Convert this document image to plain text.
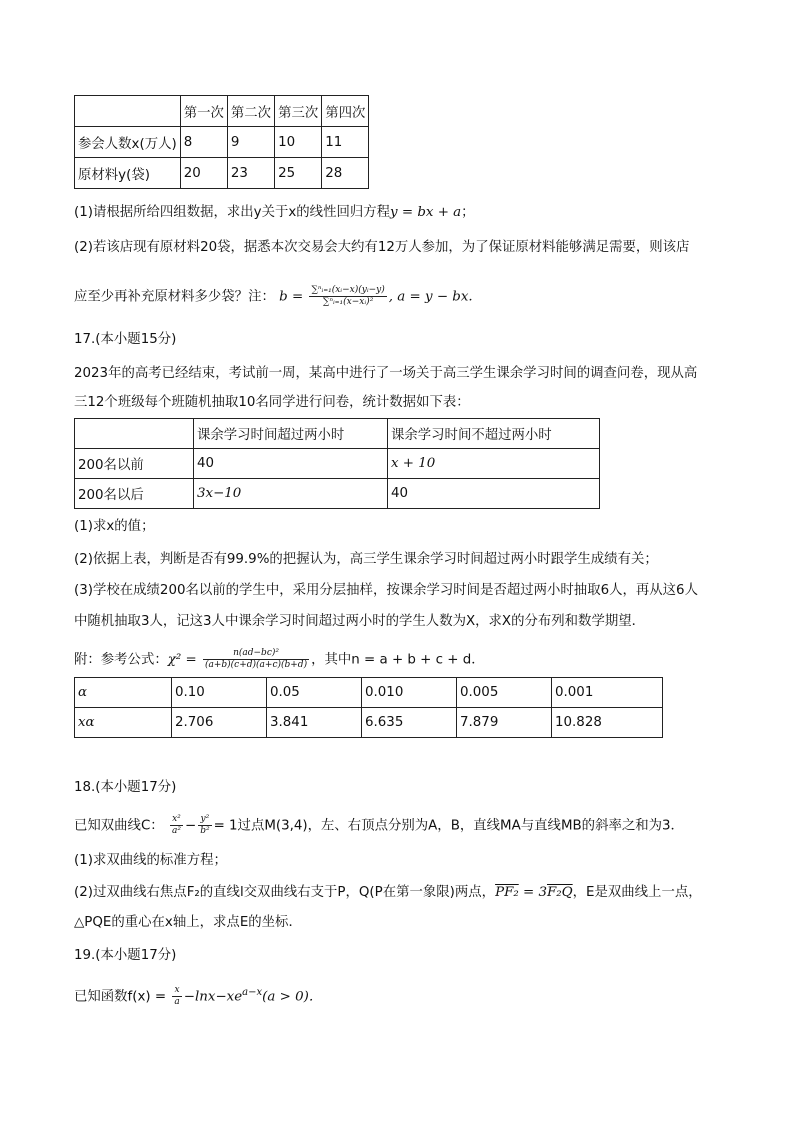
	第一次	第二次	第三次	第四次
参会人数x(万人)	8	9	10	11
原材料y(袋)	20	23	25	28
(1)请根据所给四组数据，求出y关于x的线性回归方程y = bx + a；
(2)若该店现有原材料20袋，据悉本次交易会大约有12万人参加，为了保证原材料能够满足需要，则该店
应至少再补充原材料多少袋？注： $b = \frac{\text{∑ⁿᵢ₌₁(xᵢ−x)(yᵢ−y)}}{\text{∑ⁿᵢ₌₁(x−xᵢ)²}}$ , a = y − bx.
17.(本小题15分)
2023年的高考已经结束，考试前一周，某高中进行了一场关于高三学生课余学习时间的调查问卷，现从高
三12个班级每个班随机抽取10名同学进行问卷，统计数据如下表：
	课余学习时间超过两小时	课余学习时间不超过两小时
200名以前	40	x + 10
200名以后	3x−10	40
(1)求x的值；
(2)依据上表，判断是否有99.9%的把握认为，高三学生课余学习时间超过两小时跟学生成绩有关；
(3)学校在成绩200名以前的学生中，采用分层抽样，按课余学习时间是否超过两小时抽取6人，再从这6人
中随机抽取3人，记这3人中课余学习时间超过两小时的学生人数为X，求X的分布列和数学期望．
附：参考公式：$\chi^2 = \frac{\text{n(ad−bc)²}}{(a+b)(c+d)(a+c)(b+d)}$ ，其中n = a + b + c + d．
α	0.10	0.05	0.010	0.005	0.001
xα	2.706	3.841	6.635	7.879	10.828
18.(本小题17分)
已知双曲线C： $\frac{\text{x²}}{\text{a²}} - \frac{\text{y²}}{\text{b²}} = 1$过点M(3,4)，左、右顶点分别为A，B，直线MA与直线MB的斜率之和为3．
(1)求双曲线的标准方程；
(2)过双曲线右焦点F₂的直线l交双曲线右支于P，Q(P在第一象限)两点，PF₂ = 3F₂Q，E是双曲线上一点，
△PQE的重心在x轴上，求点E的坐标．
19.(本小题17分)
已知函数$f(x) = \frac{x}{a} -\ln x-xe^{a-x}(a > 0)$．
